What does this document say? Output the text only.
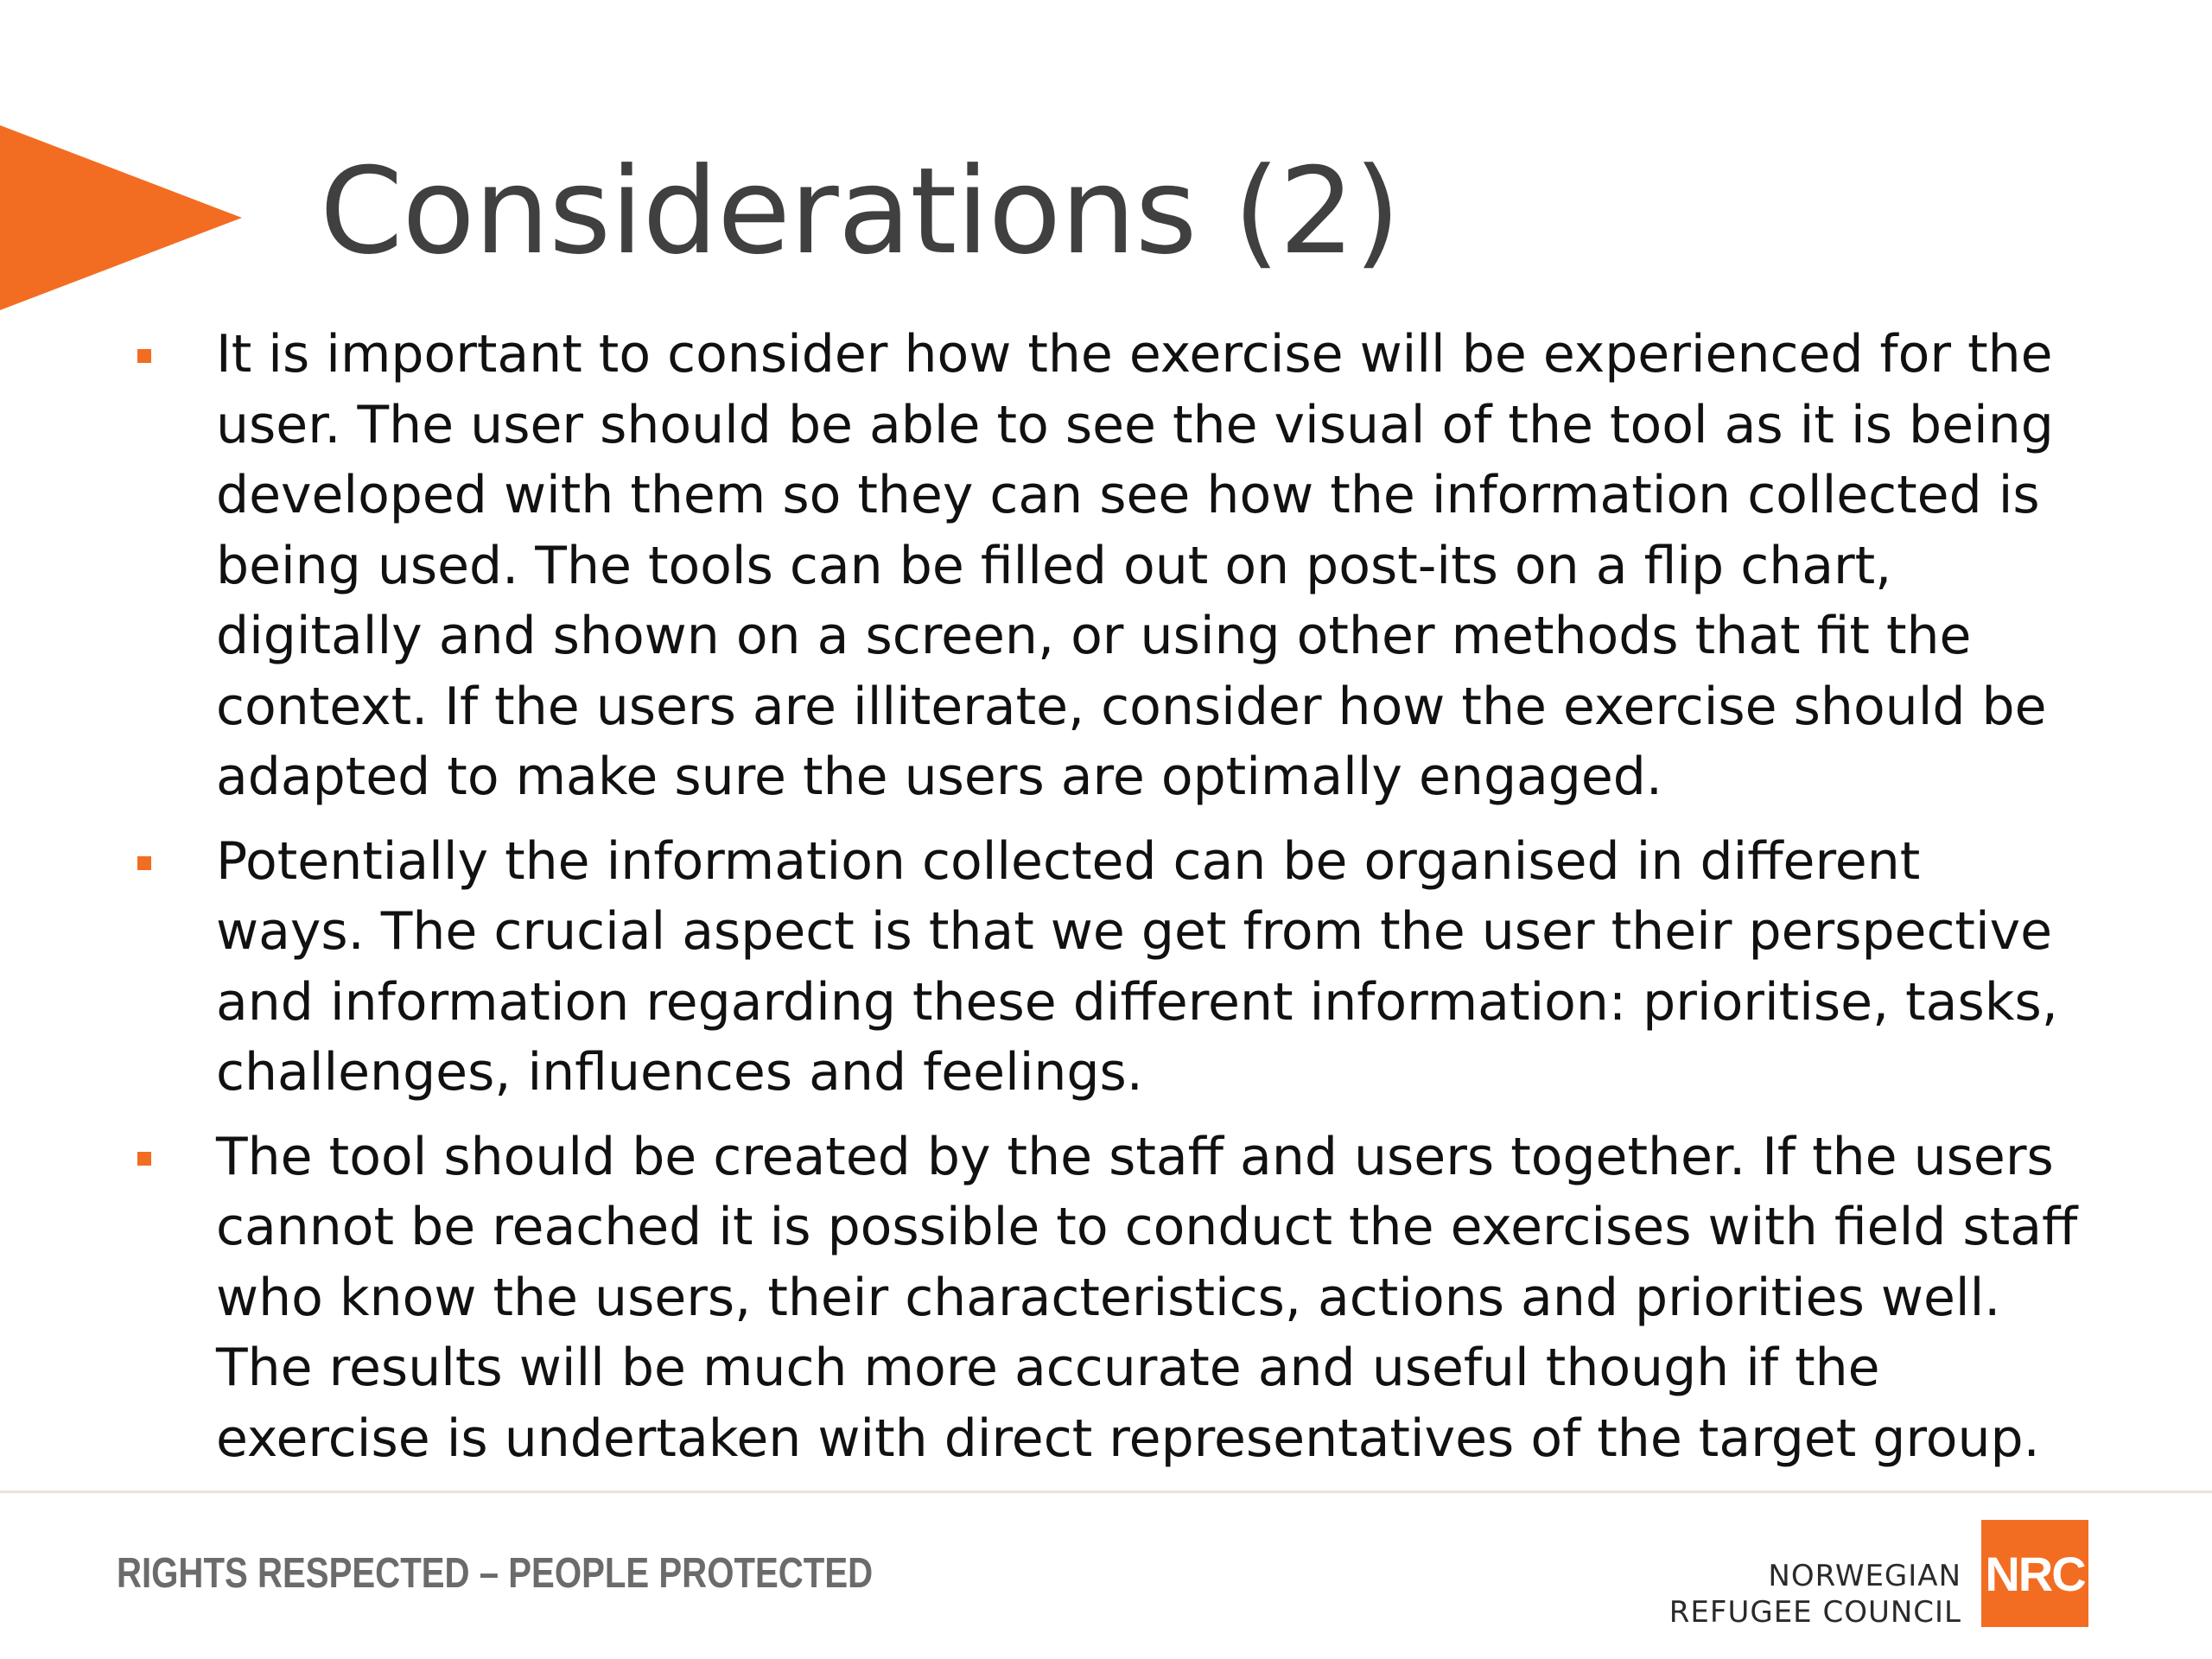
Considerations (2)
It is important to consider how the exercise will be experienced for the user. The user should be able to see the visual of the tool as it is being developed with them so they can see how the information collected is being used. The tools can be filled out on post-its on a flip chart, digitally and shown on a screen, or using other methods that fit the context. If the users are illiterate, consider how the exercise should be adapted to make sure the users are optimally engaged.
Potentially the information collected can be organised in different ways. The crucial aspect is that we get from the user their perspective and information regarding these different information: prioritise, tasks, challenges, influences and feelings.
The tool should be created by the staff and users together. If the users cannot be reached it is possible to conduct the exercises with field staff who know the users, their characteristics, actions and priorities well. The results will be much more accurate and useful though if the exercise is undertaken with direct representatives of the target group.
RIGHTS RESPECTED – PEOPLE PROTECTED	NORWEGIAN
REFUGEE COUNCIL
NRC
